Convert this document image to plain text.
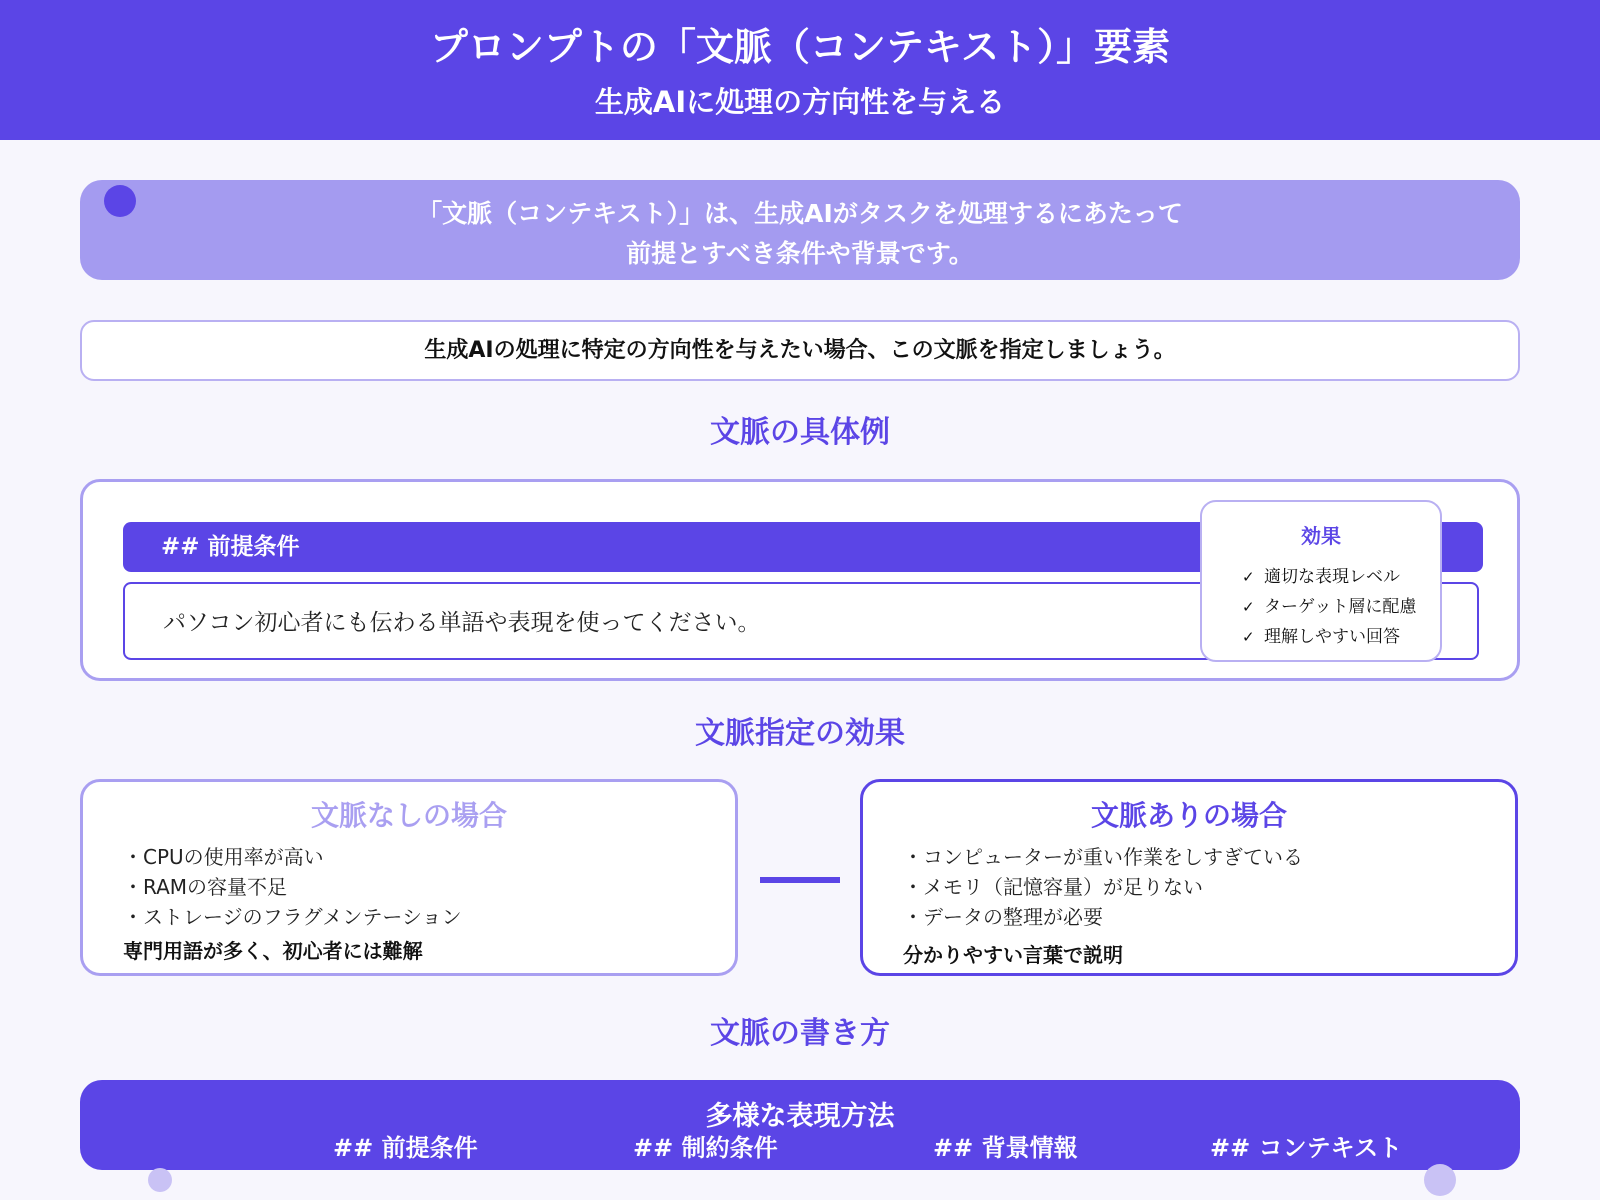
プロンプトの「文脈（コンテキスト）」要素
生成AIに処理の方向性を与える
「文脈（コンテキスト）」は、生成AIがタスクを処理するにあたって
前提とすべき条件や背景です。
生成AIの処理に特定の方向性を与えたい場合、この文脈を指定しましょう。
文脈の具体例
## 前提条件
パソコン初心者にも伝わる単語や表現を使ってください。
効果
✓ 適切な表現レベル
✓ ターゲット層に配慮
✓ 理解しやすい回答
文脈指定の効果
文脈なしの場合
・CPUの使用率が高い
・RAMの容量不足
・ストレージのフラグメンテーション
専門用語が多く、初心者には難解
文脈ありの場合
・コンピューターが重い作業をしすぎている
・メモリ（記憶容量）が足りない
・データの整理が必要
分かりやすい言葉で説明
文脈の書き方
多様な表現方法
## 前提条件	## 制約条件	## 背景情報	## コンテキスト
